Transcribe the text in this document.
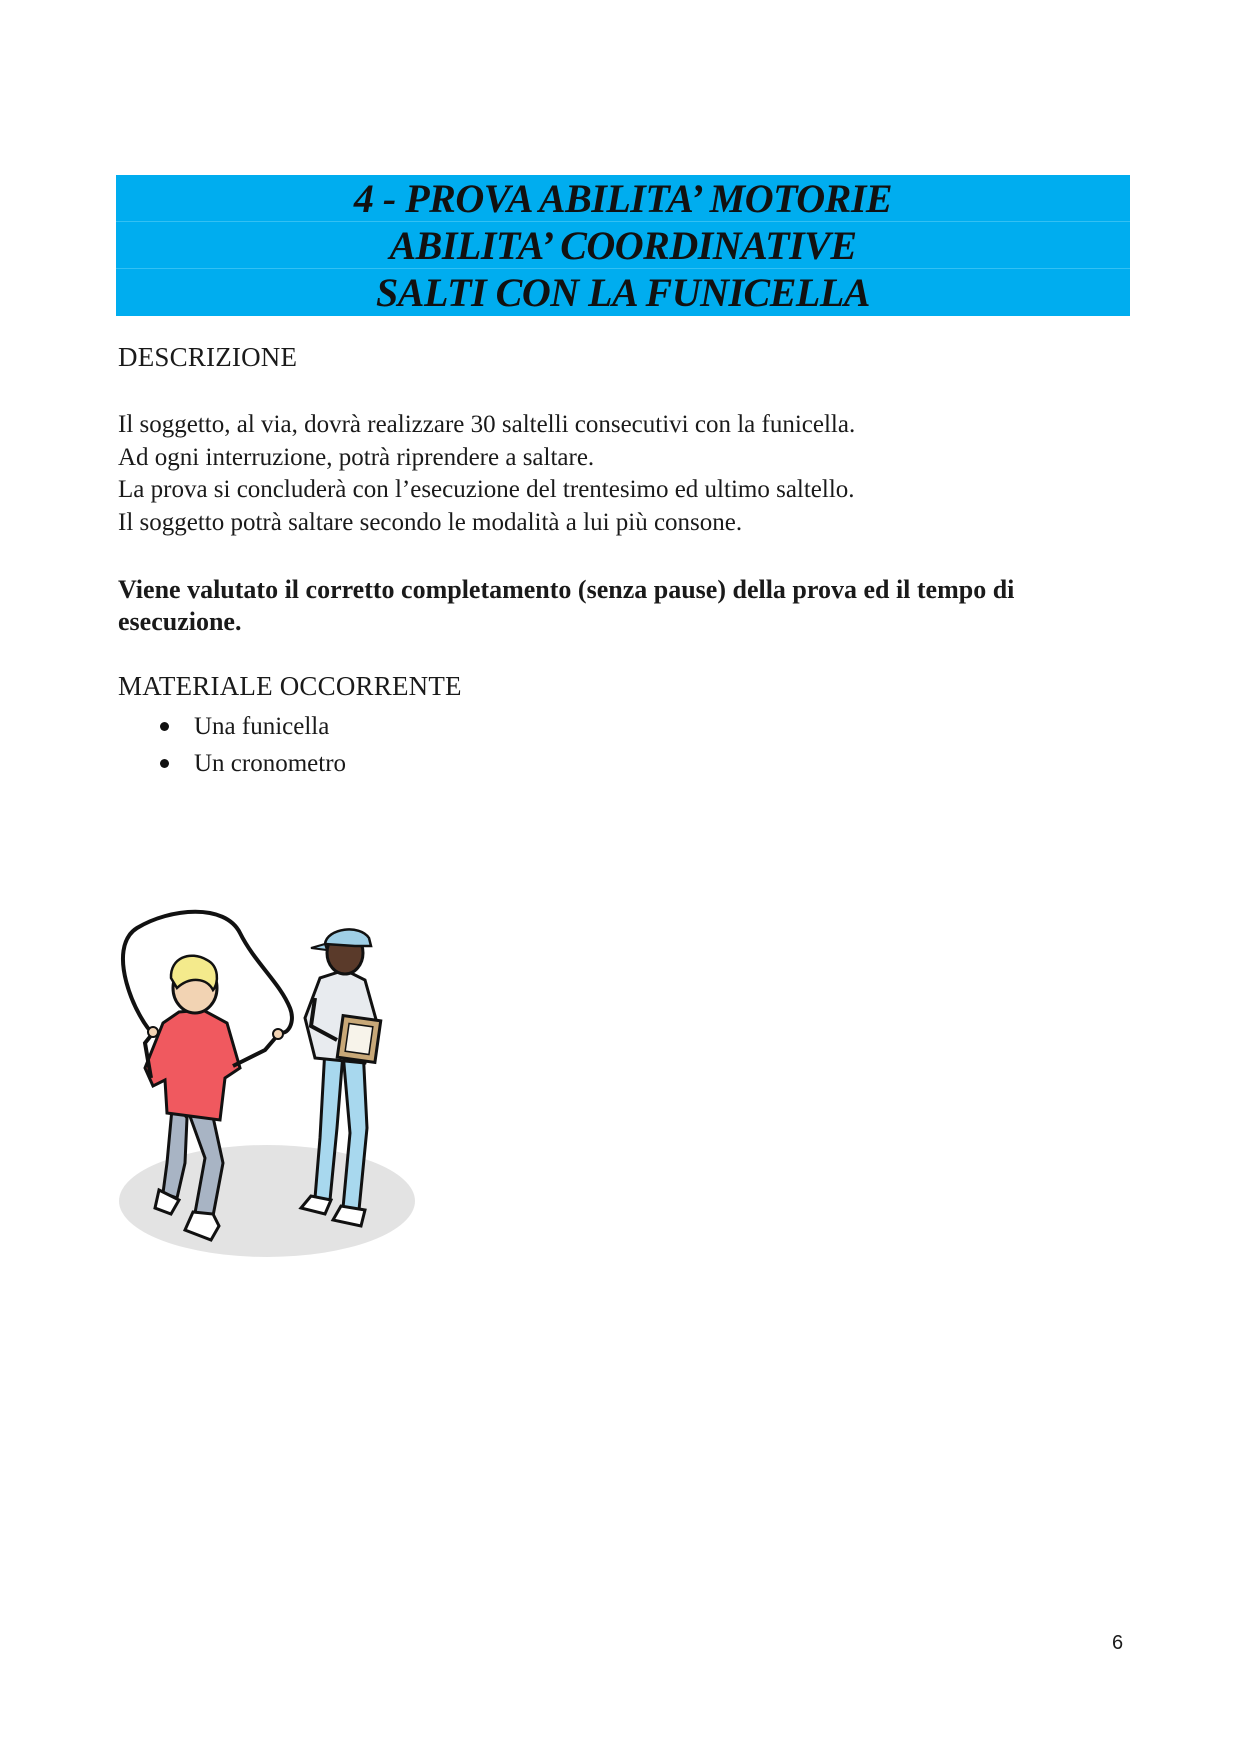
4 - PROVA ABILITA’ MOTORIE
ABILITA’ COORDINATIVE
SALTI CON LA FUNICELLA
DESCRIZIONE
Il soggetto, al via, dovrà realizzare 30 saltelli consecutivi con la funicella.
Ad ogni interruzione, potrà riprendere a saltare.
La prova si concluderà con l’esecuzione del trentesimo ed ultimo saltello.
Il soggetto potrà saltare secondo le modalità a lui più consone.
Viene valutato il corretto completamento (senza pause) della prova ed il tempo di esecuzione.
MATERIALE OCCORRENTE
Una funicella
Un cronometro
6
